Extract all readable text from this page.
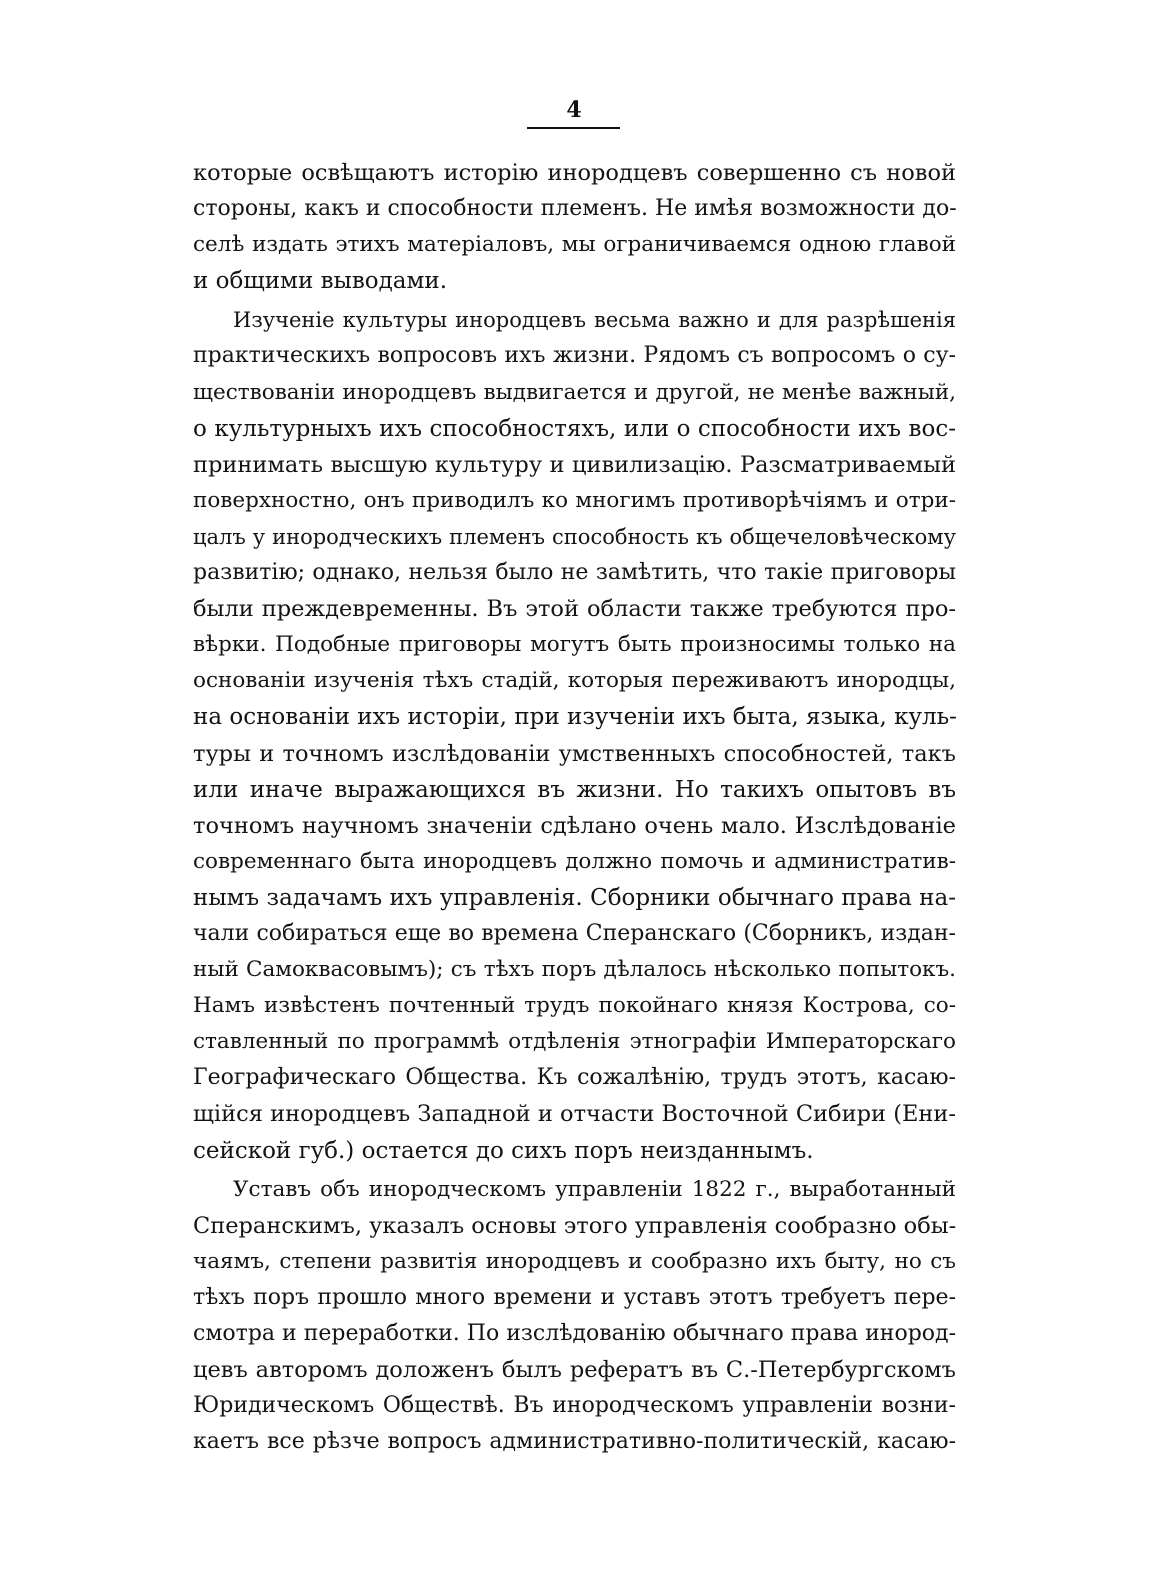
4
которые освѣщаютъ исторію инородцевъ совершенно съ новой
стороны, какъ и способности племенъ. Не имѣя возможности до-
селѣ издать этихъ матеріаловъ, мы ограничиваемся одною главой
и общими выводами.
Изученіе культуры инородцевъ весьма важно и для разрѣшенія
практическихъ вопросовъ ихъ жизни. Рядомъ съ вопросомъ о су-
ществованіи инородцевъ выдвигается и другой, не менѣе важный,
о культурныхъ ихъ способностяхъ, или о способности ихъ вос-
принимать высшую культуру и цивилизацію. Разсматриваемый
поверхностно, онъ приводилъ ко многимъ противорѣчіямъ и отри-
цалъ у инородческихъ племенъ способность къ общечеловѣческому
развитію; однако, нельзя было не замѣтить, что такіе приговоры
были преждевременны. Въ этой области также требуются про-
вѣрки. Подобные приговоры могутъ быть произносимы только на
основаніи изученія тѣхъ стадій, которыя переживаютъ инородцы,
на основаніи ихъ исторіи, при изученіи ихъ быта, языка, куль-
туры и точномъ изслѣдованіи умственныхъ способностей, такъ
или иначе выражающихся въ жизни. Но такихъ опытовъ въ
точномъ научномъ значеніи сдѣлано очень мало. Изслѣдованіе
современнаго быта инородцевъ должно помочь и административ-
нымъ задачамъ ихъ управленія. Сборники обычнаго права на-
чали собираться еще во времена Сперанскаго (Сборникъ, издан-
ный Самоквасовымъ); съ тѣхъ поръ дѣлалось нѣсколько попытокъ.
Намъ извѣстенъ почтенный трудъ покойнаго князя Кострова, со-
ставленный по программѣ отдѣленія этнографіи Императорскаго
Географическаго Общества. Къ сожалѣнію, трудъ этотъ, касаю-
щійся инородцевъ Западной и отчасти Восточной Сибири (Ени-
сейской губ.) остается до сихъ поръ неизданнымъ.
Уставъ объ инородческомъ управленіи 1822 г., выработанный
Сперанскимъ, указалъ основы этого управленія сообразно обы-
чаямъ, степени развитія инородцевъ и сообразно ихъ быту, но съ
тѣхъ поръ прошло много времени и уставъ этотъ требуетъ пере-
смотра и переработки. По изслѣдованію обычнаго права инород-
цевъ авторомъ доложенъ былъ рефератъ въ С.-Петербургскомъ
Юридическомъ Обществѣ. Въ инородческомъ управленіи возни-
каетъ все рѣзче вопросъ административно-политическій, касаю-
